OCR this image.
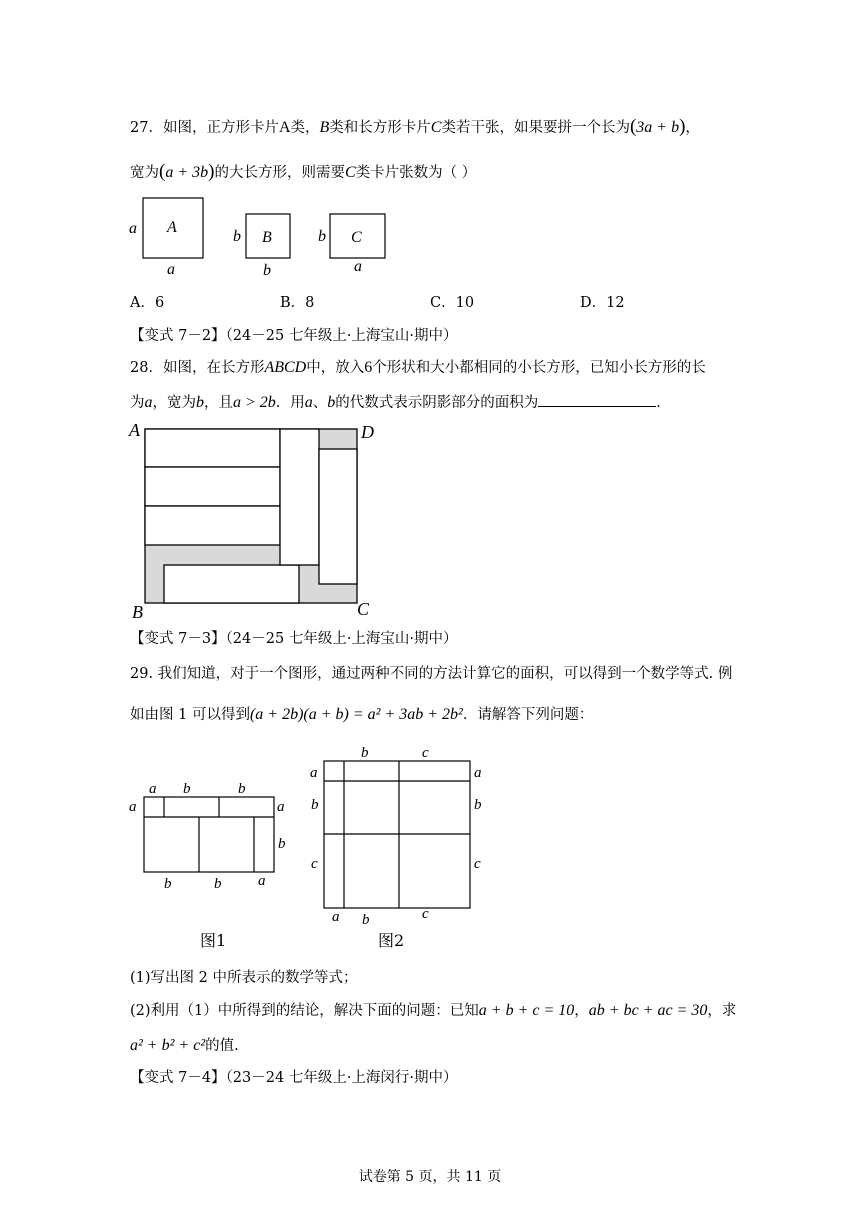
27．如图，正方形卡片A类，B类和长方形卡片C类若干张，如果要拼一个长为(3a + b)，
宽为(a + 3b)的大长方形，则需要C类卡片张数为（ ）
A
a
a
B
b
b
C
b
a
A．6	B．8	C．10	D．12
【变式 7－2】（24－25 七年级上·上海宝山·期中）
28．如图，在长方形ABCD中，放入6个形状和大小都相同的小长方形，已知小长方形的长
为a，宽为b，且a > 2b．用a、b的代数式表示阴影部分的面积为	．
A	D
B	C
【变式 7－3】（24－25 七年级上·上海宝山·期中）
29. 我们知道，对于一个图形，通过两种不同的方法计算它的面积，可以得到一个数学等式. 例
如由图 1 可以得到(a + 2b)(a + b) = a² + 3ab + 2b²．请解答下列问题：
a b	b
a	a
b
b	b a
图1
b	c
a
b
c
a
b
c
a b	c
图2
(1)写出图 2 中所表示的数学等式；
(2)利用（1）中所得到的结论，解决下面的问题：已知a + b + c = 10，ab + bc + ac = 30，求
a² + b² + c²的值.
【变式 7－4】（23－24 七年级上·上海闵行·期中）
试卷第 5 页，共 11 页
